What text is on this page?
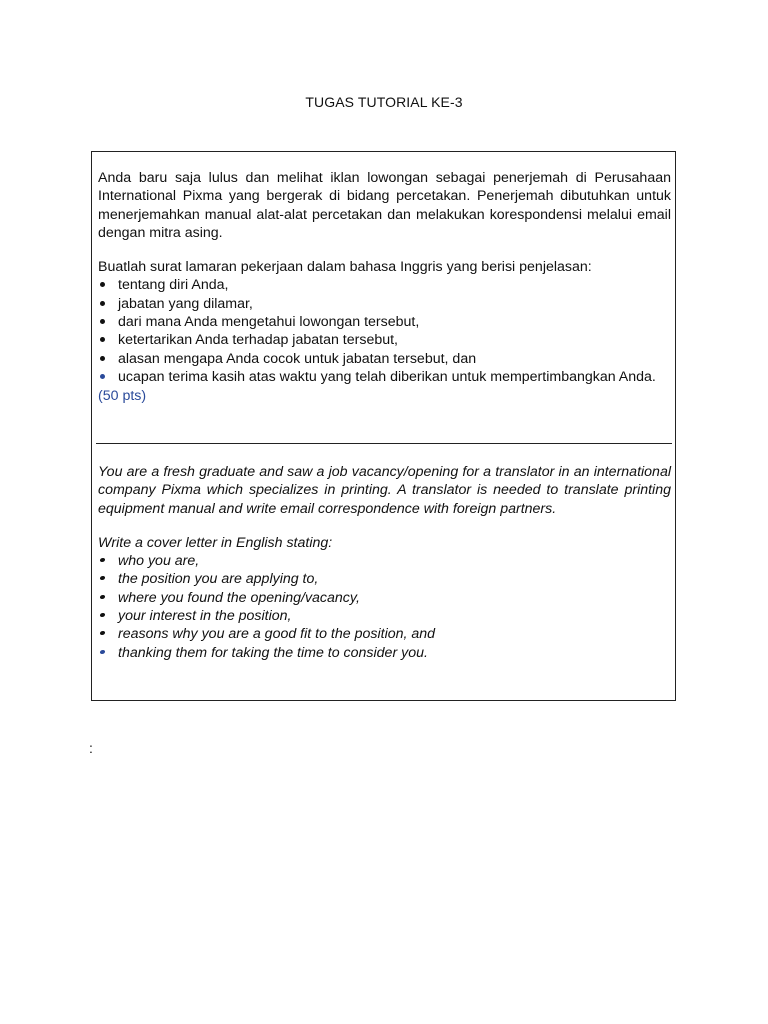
TUGAS TUTORIAL KE-3

Anda baru saja lulus dan melihat iklan lowongan sebagai penerjemah di Perusahaan International Pixma yang bergerak di bidang percetakan. Penerjemah dibutuhkan untuk menerjemahkan manual alat-alat percetakan dan melakukan korespondensi melalui email dengan mitra asing.

Buatlah surat lamaran pekerjaan dalam bahasa Inggris yang berisi penjelasan:

tentang diri Anda,
jabatan yang dilamar,
dari mana Anda mengetahui lowongan tersebut,
ketertarikan Anda terhadap jabatan tersebut,
alasan mengapa Anda cocok untuk jabatan tersebut, dan
ucapan terima kasih atas waktu yang telah diberikan untuk mempertimbangkan Anda.
(50 pts)

You are a fresh graduate and saw a job vacancy/opening for a translator in an international company Pixma which specializes in printing. A translator is needed to translate printing equipment manual and write email correspondence with foreign partners.

Write a cover letter in English stating:

who you are,
the position you are applying to,
where you found the opening/vacancy,
your interest in the position,
reasons why you are a good fit to the position, and
thanking them for taking the time to consider you.
:
